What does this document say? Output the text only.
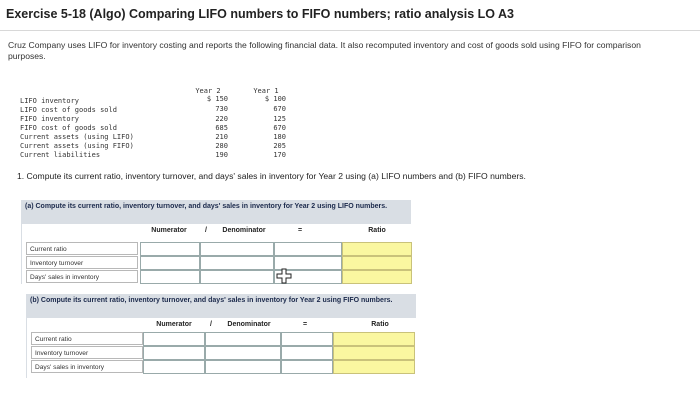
Exercise 5-18 (Algo) Comparing LIFO numbers to FIFO numbers; ratio analysis LO A3
Cruz Company uses LIFO for inventory costing and reports the following financial data. It also recomputed inventory and cost of goods sold using FIFO for comparison purposes.
Year 2	Year 1
LIFO inventory	$ 150	$ 100
LIFO cost of goods sold	730	670
FIFO inventory	220	125
FIFO cost of goods sold	685	670
Current assets (using LIFO)	210	180
Current assets (using FIFO)	280	205
Current liabilities	190	170
1. Compute its current ratio, inventory turnover, and days' sales in inventory for Year 2 using (a) LIFO numbers and (b) FIFO numbers.
(a) Compute its current ratio, inventory turnover, and days' sales in inventory for Year 2 using LIFO numbers.
Numerator	/	Denominator	=	Ratio
Current ratio
Inventory turnover
Days' sales in inventory
(b) Compute its current ratio, inventory turnover, and days' sales in inventory for Year 2 using FIFO numbers.
Numerator	/	Denominator	=	Ratio
Current ratio
Inventory turnover
Days' sales in inventory
